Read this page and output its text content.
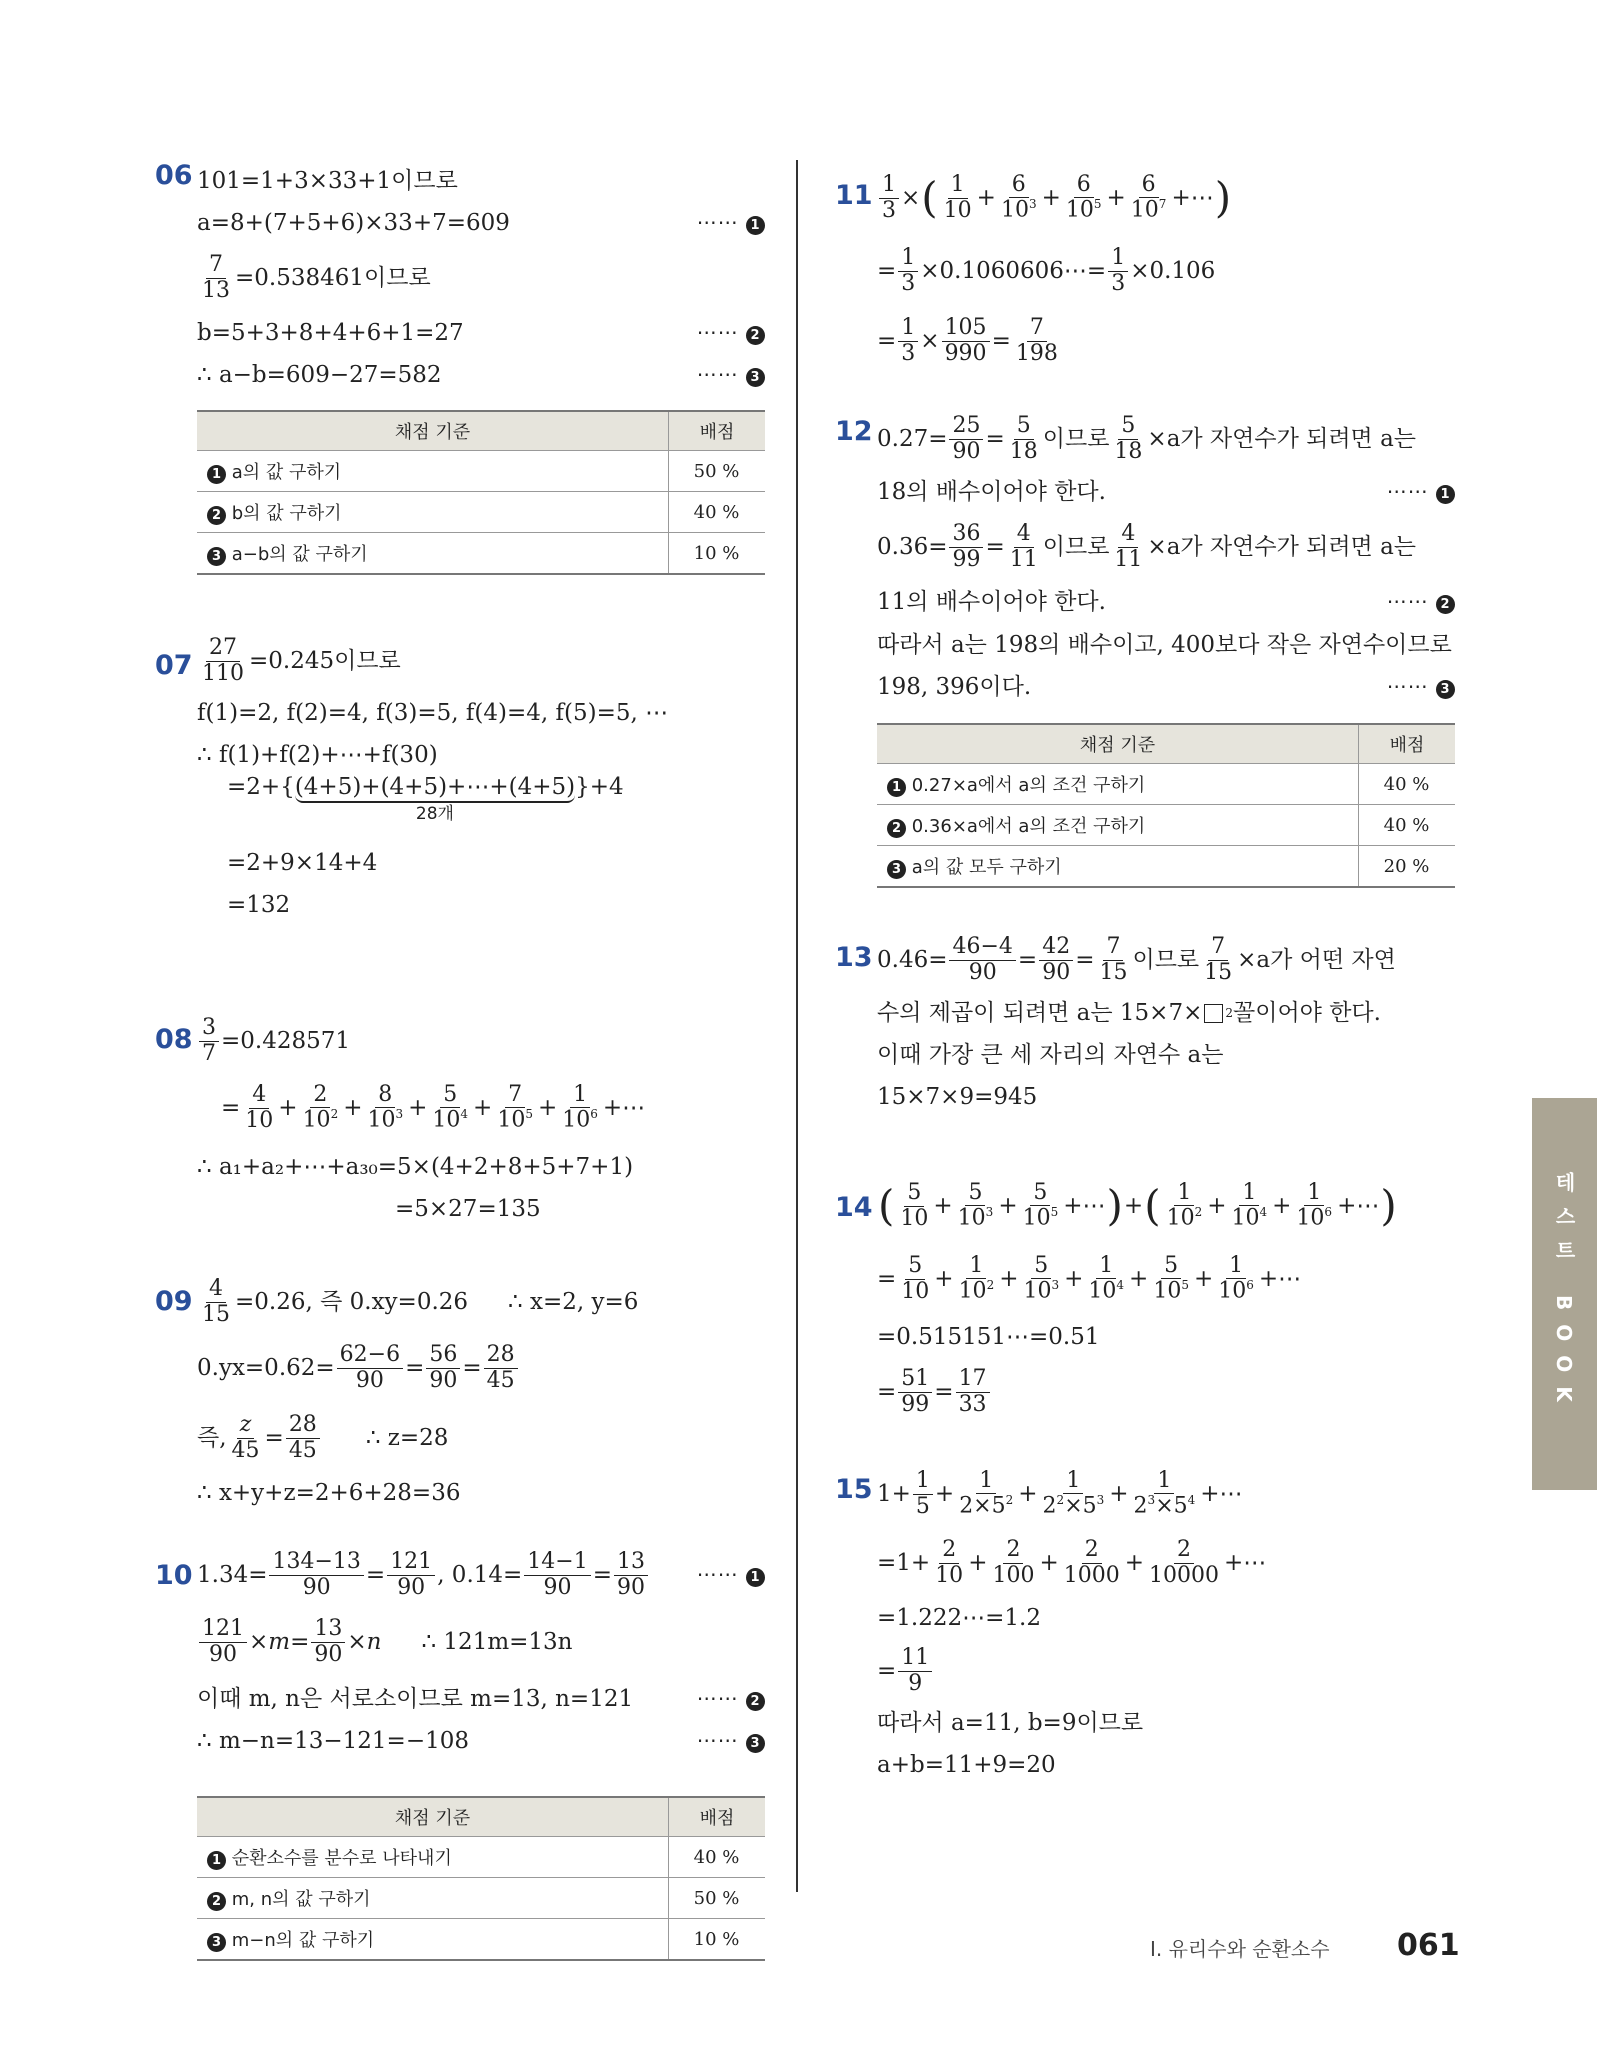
06 101=1+3×33+1이므로
a=8+(7+5+6)×33+7=609	⋯⋯ 1
$\frac{7}{13} =0.538461$이므로
b=5+3+8+4+6+1=27	⋯⋯ 2
∴ a−b=609−27=582	⋯⋯ 3
채점 기준	배점
1 a의 값 구하기	50 %
2 b의 값 구하기	40 %
3 a−b의 값 구하기	10 %
$07 \frac{27}{110} =0.245$이므로
f(1)=2, f(2)=4, f(3)=5, f(4)=4, f(5)=5, ⋯
∴ f(1)+f(2)+⋯+f(30)
=2+{ (4+5)+(4+5)+⋯+(4+5)
28개
}+4
=2+9×14+4
=132
$08 \frac{3}{7} =0.428571$
= $\frac{4}{10} + \frac{2}{10^2} + \frac{8}{10^3} + \frac{5}{10^4} + \frac{7}{10^5} + \frac{1}{10^6}$ +⋯
∴ a₁+a₂+⋯+a₃₀=5×(4+2+8+5+7+1)
=5×27=135
$09 \frac{4}{15} =0.26$, 즉 0.xy=0.26 ∴ x=2, y=6
$0.yx=0.62= \frac{62-6}{90} = \frac{56}{90} = \frac{28}{45}$
즉, $\frac{z}{45} = \frac{28}{45}$ ∴ z=28
∴ x+y+z=2+6+28=36
10 $1.34= \frac{134-13}{90} = \frac{121}{90}$ , $0.14= \frac{14-1}{90} = \frac{13}{90}$ ⋯⋯ 1
$\frac{121}{90} \times m = \frac{13}{90} \times n$ ∴ 121m=13n
이때 m, n은 서로소이므로 m=13, n=121	⋯⋯ 2
∴ m−n=13−121=−108	⋯⋯ 3
채점 기준	배점
1 순환소수를 분수로 나타내기	40 %
2 m, n의 값 구하기	50 %
3 m−n의 값 구하기	10 %
$11 \frac{1}{3}$ × ( $\frac{1}{10} + \frac{6}{10^3} + \frac{6}{10^5} + \frac{6}{10^7}$ +⋯ )
= $\frac{1}{3}$ ×0.1060606⋯= $\frac{1}{3} \times 0.106$
= $\frac{1}{3} \times \frac{105}{990} = \frac{7}{198}$
12 $0.27= \frac{25}{90} = \frac{5}{18}$ 이므로 $\frac{5}{18} \times a$가 자연수가 되려면 a는
18의 배수이어야 한다.	⋯⋯ 1
$0.36= \frac{36}{99} = \frac{4}{11}$ 이므로 $\frac{4}{11} \times a$가 자연수가 되려면 a는
11의 배수이어야 한다.	⋯⋯ 2
따라서 a는 198의 배수이고, 400보다 작은 자연수이므로
198, 396이다.	⋯⋯ 3
채점 기준	배점
1 0.27×a에서 a의 조건 구하기	40 %
2 0.36×a에서 a의 조건 구하기	40 %
3 a의 값 모두 구하기	20 %
13 $0.46= \frac{46-4}{90} = \frac{42}{90} = \frac{7}{15}$ 이므로 $\frac{7}{15} \times a$가 어떤 자연
수의 제곱이 되려면 a는 15×7× 2 꼴이어야 한다.
이때 가장 큰 세 자리의 자연수 a는
15×7×9=945
14 ( $\frac{5}{10} + \frac{5}{10^3} + \frac{5}{10^5}$ +⋯ ) + ( $\frac{1}{10^2} + \frac{1}{10^4} + \frac{1}{10^6}$ +⋯ )
= $\frac{5}{10} + \frac{1}{10^2} + \frac{5}{10^3} + \frac{1}{10^4} + \frac{5}{10^5} + \frac{1}{10^6}$ +⋯
=0.515151⋯=0.51
= $\frac{51}{99} = \frac{17}{33}$
15 $1+ \frac{1}{5} + \frac{1}{2\times 5^2} + \frac{1}{2^2\times 5^3} + \frac{1}{2^3\times 5^4}$ +⋯
$=1+ \frac{2}{10} + \frac{2}{100} + \frac{2}{1000} + \frac{2}{10000}$ +⋯
=1.222⋯=1.2
= $\frac{11}{9}$
따라서 a=11, b=9이므로
a+b=11+9=20
테스트 BOOK
Ⅰ. 유리수와 순환소수 061
